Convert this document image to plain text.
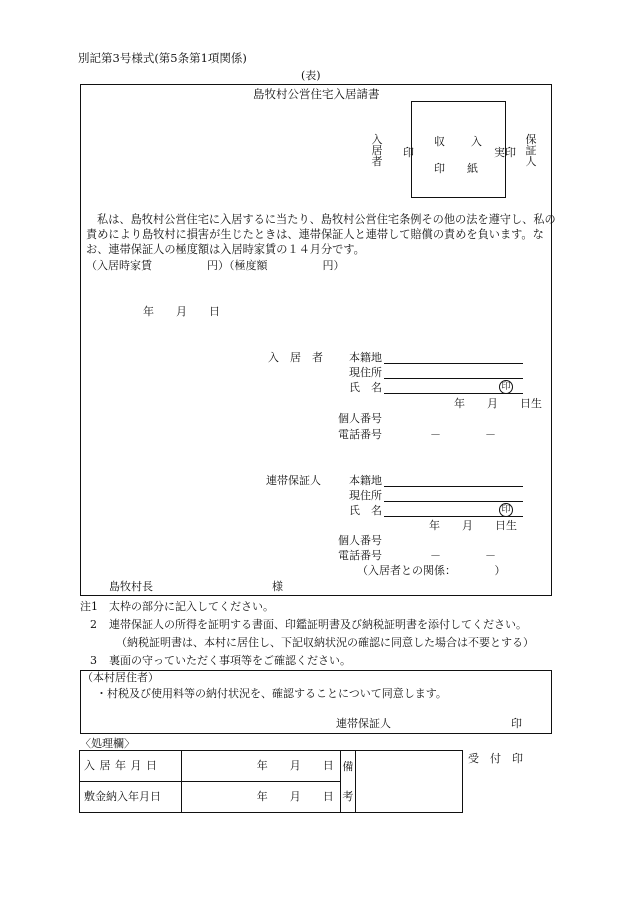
別記第3号様式(第5条第1項関係)
(表)
島牧村公営住宅入居請書
入居者
印
収 入
印 紙
実印
保証人
私は、島牧村公営住宅に入居するに当たり、島牧村公営住宅条例その他の法を遵守し、私の責めにより島牧村に損害が生じたときは、連帯保証人と連帯して賠償の責めを負います。なお、連帯保証人の極度額は入居時家賃の１４月分です。
（入居時家賃　　　　　円）（極度額　　　　　円）
年　　月　　日
入　居　者 本籍地
現住所
氏　名	印
年　　月　　日生
個人番号
電話番号	－　　　　－
連帯保証人	本籍地
現住所
氏　名	印
年　　月　　日生
個人番号
電話番号	－　　　　－
（入居者との関係：　　　　）
島牧村長	様
注1 太枠の部分に記入してください。
2 連帯保証人の所得を証明する書面、印鑑証明書及び納税証明書を添付してください。
（納税証明書は、本村に居住し、下記収納状況の確認に同意した場合は不要とする）
3 裏面の守っていただく事項等をご確認ください。
（本村居住者）
・村税及び使用料等の納付状況を、確認することについて同意します。
連帯保証人	印
〈処理欄〉
入 居 年 月 日	年　　月　　日	備考	

敷金納入年月日	年　　月　　日		
受　付　印
